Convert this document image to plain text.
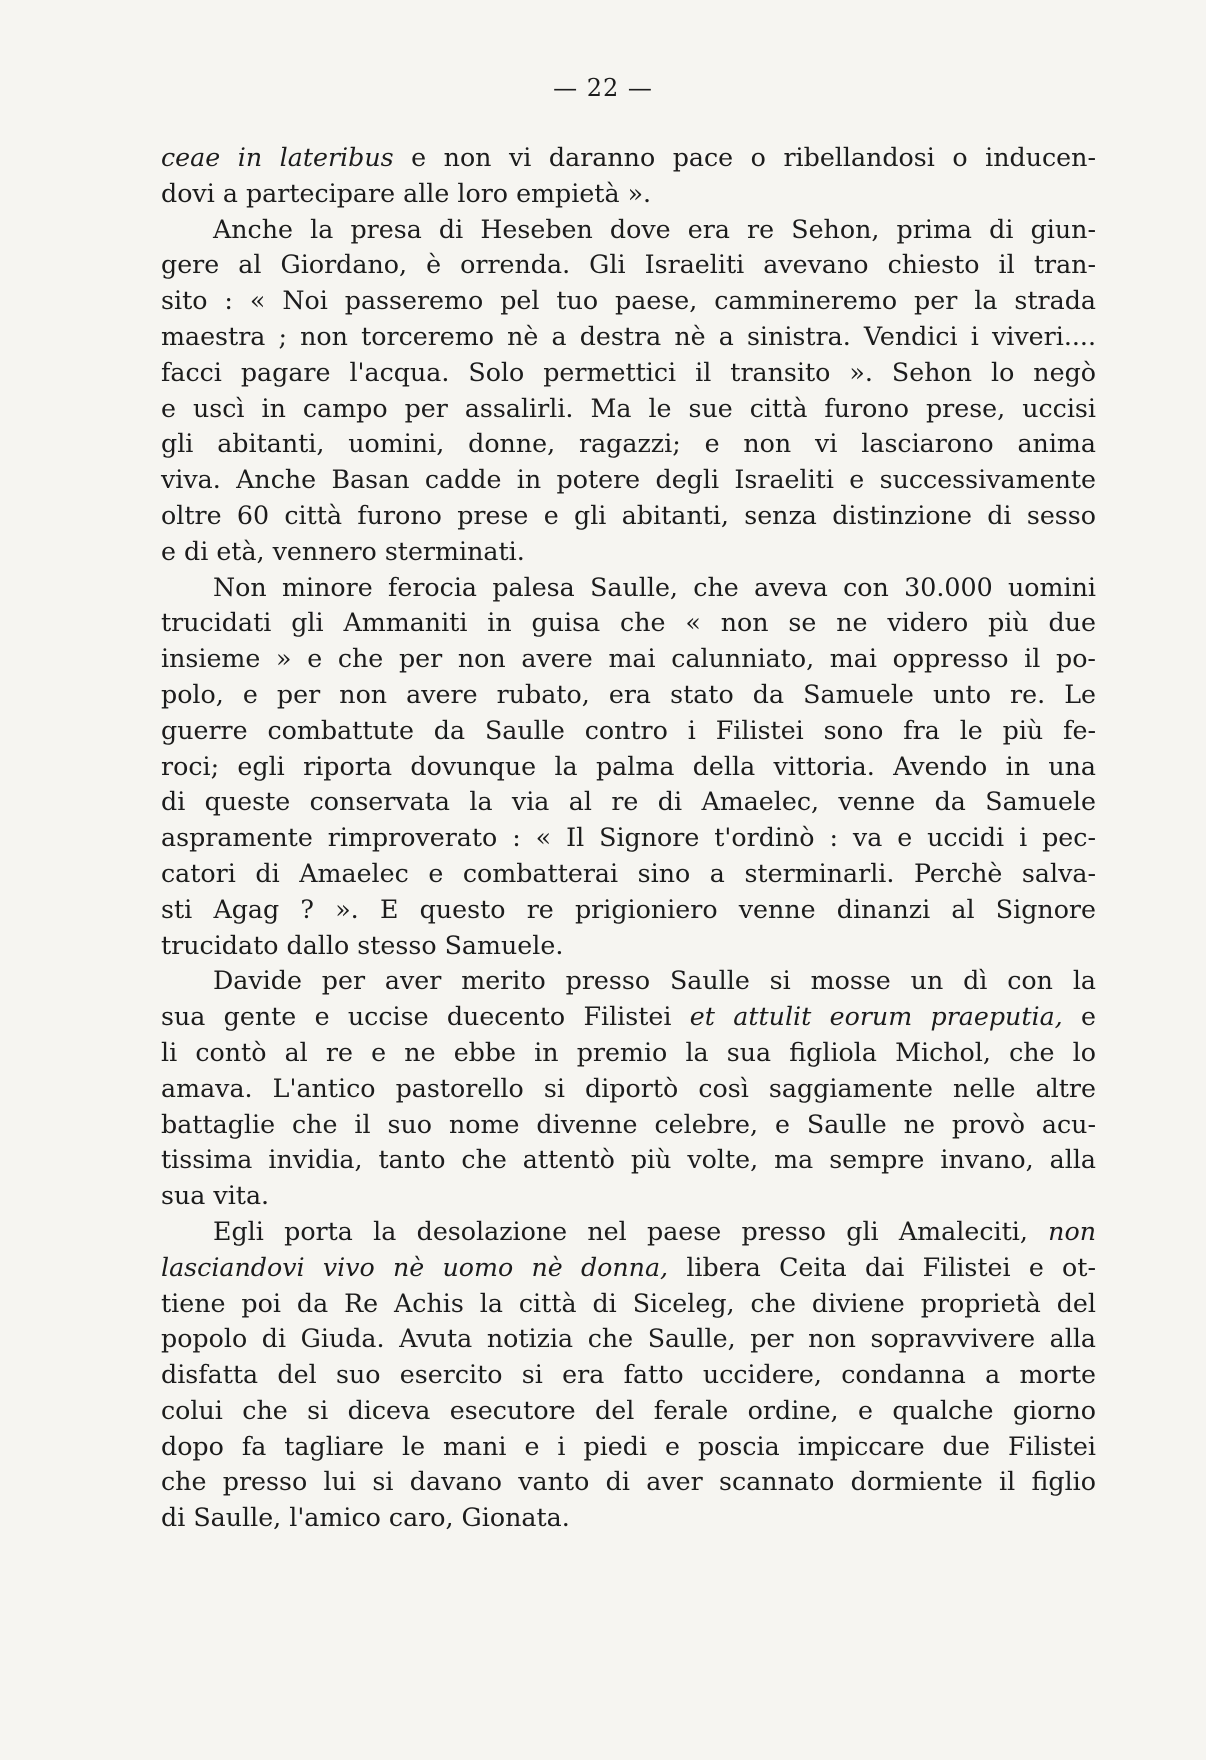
— 22 —
ceae in lateribus e non vi daranno pace o ribellandosi o inducen-
dovi a partecipare alle loro empietà ».
Anche la presa di Heseben dove era re Sehon, prima di giun-
gere al Giordano, è orrenda. Gli Israeliti avevano chiesto il tran-
sito : « Noi passeremo pel tuo paese, cammineremo per la strada
maestra ; non torceremo nè a destra nè a sinistra. Vendici i viveri....
facci pagare l'acqua. Solo permettici il transito ». Sehon lo negò
e uscì in campo per assalirli. Ma le sue città furono prese, uccisi
gli abitanti, uomini, donne, ragazzi; e non vi lasciarono anima
viva. Anche Basan cadde in potere degli Israeliti e successivamente
oltre 60 città furono prese e gli abitanti, senza distinzione di sesso
e di età, vennero sterminati.
Non minore ferocia palesa Saulle, che aveva con 30.000 uomini
trucidati gli Ammaniti in guisa che « non se ne videro più due
insieme » e che per non avere mai calunniato, mai oppresso il po-
polo, e per non avere rubato, era stato da Samuele unto re. Le
guerre combattute da Saulle contro i Filistei sono fra le più fe-
roci; egli riporta dovunque la palma della vittoria. Avendo in una
di queste conservata la via al re di Amaelec, venne da Samuele
aspramente rimproverato : « Il Signore t'ordinò : va e uccidi i pec-
catori di Amaelec e combatterai sino a sterminarli. Perchè salva-
sti Agag ? ». E questo re prigioniero venne dinanzi al Signore
trucidato dallo stesso Samuele.
Davide per aver merito presso Saulle si mosse un dì con la
sua gente e uccise duecento Filistei et attulit eorum praeputia, e
li contò al re e ne ebbe in premio la sua figliola Michol, che lo
amava. L'antico pastorello si diportò così saggiamente nelle altre
battaglie che il suo nome divenne celebre, e Saulle ne provò acu-
tissima invidia, tanto che attentò più volte, ma sempre invano, alla
sua vita.
Egli porta la desolazione nel paese presso gli Amaleciti, non
lasciandovi vivo nè uomo nè donna, libera Ceita dai Filistei e ot-
tiene poi da Re Achis la città di Siceleg, che diviene proprietà del
popolo di Giuda. Avuta notizia che Saulle, per non sopravvivere alla
disfatta del suo esercito si era fatto uccidere, condanna a morte
colui che si diceva esecutore del ferale ordine, e qualche giorno
dopo fa tagliare le mani e i piedi e poscia impiccare due Filistei
che presso lui si davano vanto di aver scannato dormiente il figlio
di Saulle, l'amico caro, Gionata.
